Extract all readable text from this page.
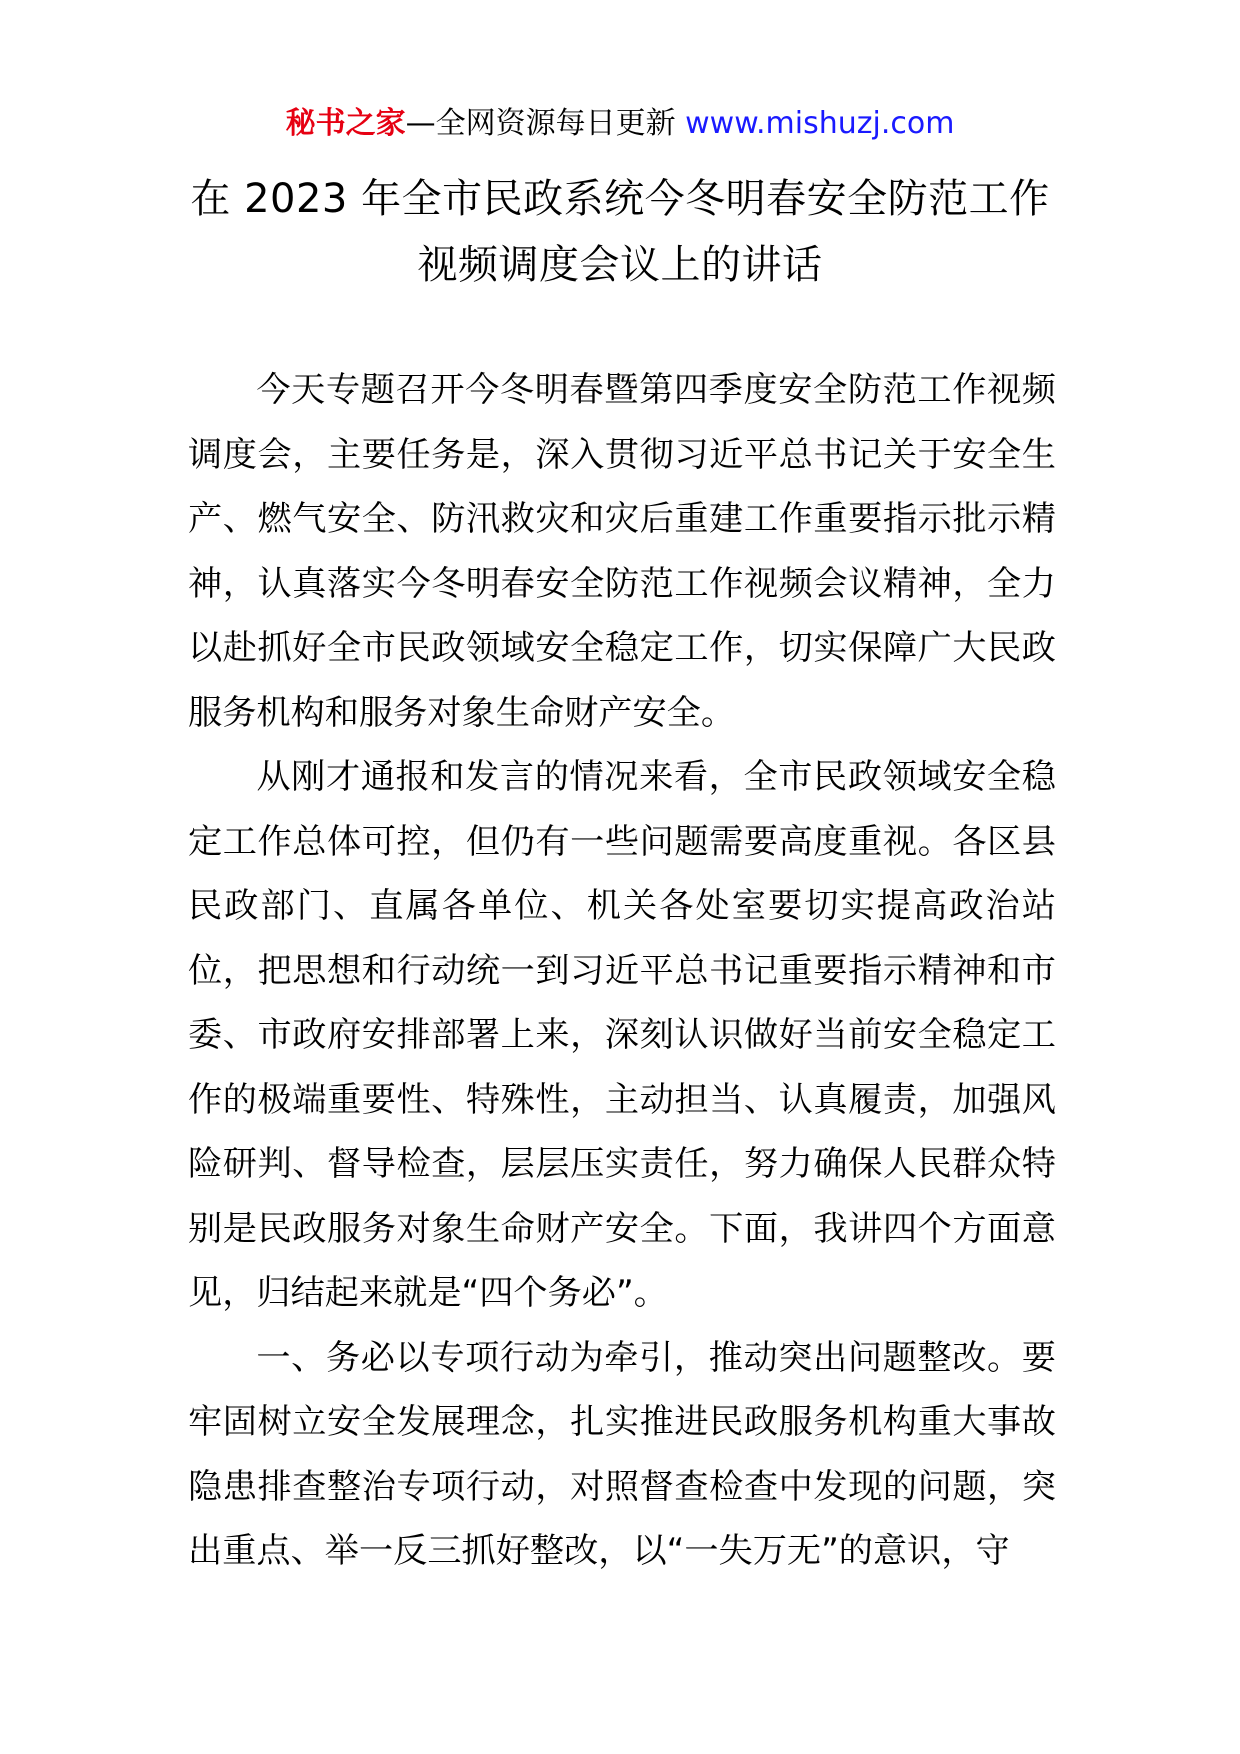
秘书之家—全网资源每日更新 www.mishuzj.com
在 2023 年全市民政系统今冬明春安全防范工作
视频调度会议上的讲话

今天专题召开今冬明春暨第四季度安全防范工作视频调度会，主要任务是，深入贯彻习近平总书记关于安全生产、燃气安全、防汛救灾和灾后重建工作重要指示批示精神，认真落实今冬明春安全防范工作视频会议精神，全力以赴抓好全市民政领域安全稳定工作，切实保障广大民政服务机构和服务对象生命财产安全。

从刚才通报和发言的情况来看，全市民政领域安全稳定工作总体可控，但仍有一些问题需要高度重视。各区县民政部门、直属各单位、机关各处室要切实提高政治站位，把思想和行动统一到习近平总书记重要指示精神和市委、市政府安排部署上来，深刻认识做好当前安全稳定工作的极端重要性、特殊性，主动担当、认真履责，加强风险研判、督导检查，层层压实责任，努力确保人民群众特别是民政服务对象生命财产安全。下面，我讲四个方面意见，归结起来就是“四个务必”。

一、务必以专项行动为牵引，推动突出问题整改。要牢固树立安全发展理念，扎实推进民政服务机构重大事故隐患排查整治专项行动，对照督查检查中发现的问题，突出重点、举一反三抓好整改，以“一失万无”的意识，守
